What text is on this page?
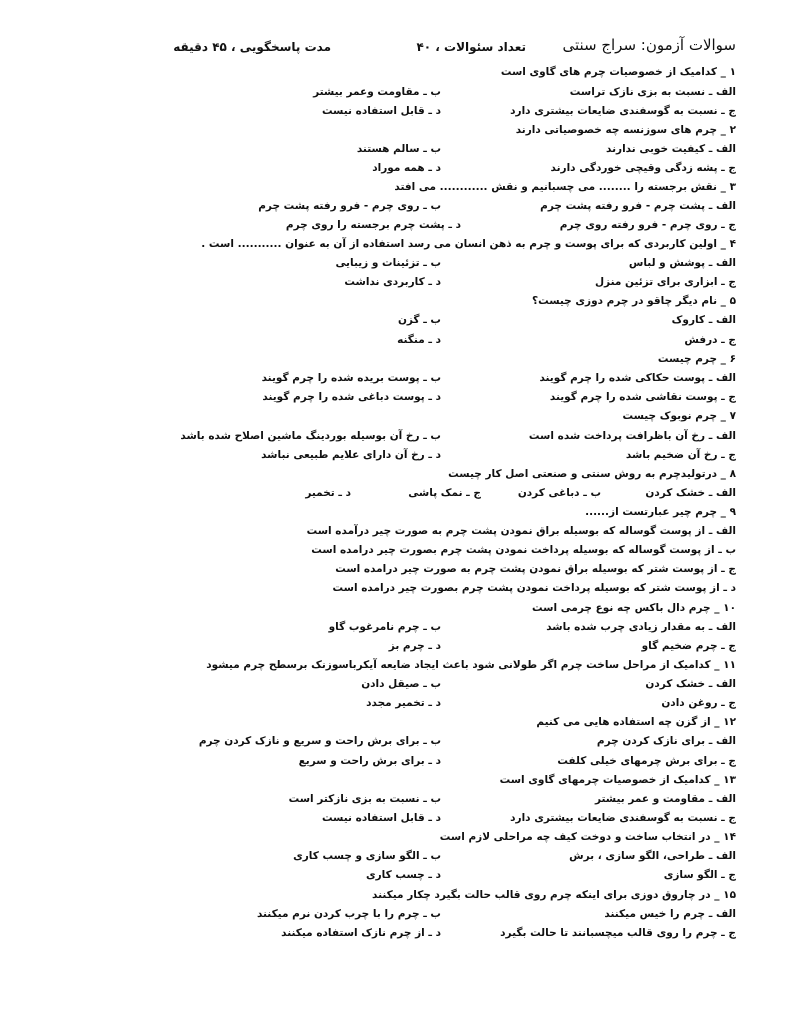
سوالات آزمون: سراج سنتی
تعداد سئوالات ، ۴۰
مدت پاسخگویی ، ۴۵ دقیقه
۱ _ کدامیک از خصوصیات چرم های گاوی است
الف ـ نسبت به بزی نازک تراست
ب ـ مقاومت وعمر بیشتر
ج ـ نسبت به گوسفندی ضایعات بیشتری دارد
د ـ قابل استفاده نیست
۲ _ چرم های سوزنسه چه خصوصیاتی دارند
الف ـ کیفیت خوبی ندارند
ب ـ سالم هستند
ج ـ پشه زدگی وقیچی خوردگی دارند
د ـ همه موراد
۳ _ نقش برجسته را ........ می چسبانیم و نقش ............ می افتد
الف ـ پشت چرم - فرو رفته پشت چرم
ب ـ روی چرم - فرو رفته پشت چرم
ج ـ روی چرم - فرو رفته روی چرم
د ـ پشت چرم برجسته را روی چرم
۴ _ اولین کاربردی که برای پوست و چرم به ذهن انسان می رسد استفاده از آن به عنوان ........... است .
الف ـ پوشش و لباس
ب ـ تزئینات و زیبایی
ج ـ ابزاری برای تزئین منزل
د ـ کاربردی نداشت
۵ _ نام دیگر چاقو در چرم دوزی چیست؟
الف ـ کاروک
ب ـ گزن
ج ـ درفش
د ـ منگنه
۶ _ چرم چیست
الف ـ پوست حکاکی شده را چرم گویند
ب ـ پوست بریده شده را چرم گویند
ج ـ پوست نقاشی شده را چرم گویند
د ـ پوست دباغی شده را چرم گویند
۷ _ چرم نوبوک چیست
الف ـ رخ آن باظرافت پرداخت شده است
ب ـ رخ آن بوسیله بوردینگ ماشین اصلاح شده باشد
ج ـ رخ آن ضخیم باشد
د ـ رخ آن دارای علایم طبیعی نباشد
۸ _ درتولیدچرم به روش سنتی و صنعتی اصل کار چیست
الف ـ خشک کردن
ب ـ دباغی کردن
ج ـ نمک پاشی
د ـ تخمیر
۹ _ چرم چیر عبارتست از......
الف ـ از پوست گوساله که بوسیله براق نمودن پشت چرم به صورت چیر درآمده است
ب ـ از پوست گوساله که بوسیله پرداخت نمودن پشت چرم بصورت چیر درامده است
ج ـ از پوست شتر که بوسیله براق نمودن پشت چرم به صورت چیر درامده است
د ـ از پوست شتر که بوسیله پرداخت نمودن پشت چرم بصورت چیر درامده است
۱۰ _ چرم دال باکس چه نوع چرمی است
الف ـ به مقدار زیادی چرب شده باشد
ب ـ چرم نامرغوب گاو
ج ـ چرم ضخیم گاو
د ـ چرم بز
۱۱ _ کدامیک از مراحل ساخت چرم اگر طولانی شود باعث ایجاد ضایعه آیکرباسوزنک برسطح چرم میشود
الف ـ خشک کردن
ب ـ صیقل دادن
ج ـ روغن دادن
د ـ تخمیر مجدد
۱۲ _ از گزن چه استفاده هایی می کنیم
الف ـ برای نازک کردن چرم
ب ـ برای برش راحت و سریع و نازک کردن چرم
ج ـ برای برش چرمهای خیلی کلفت
د ـ برای برش راحت و سریع
۱۳ _ کدامیک از خصوصیات چرمهای گاوی است
الف ـ مقاومت و عمر بیشتر
ب ـ نسبت به بزی نازکتر است
ج ـ نسبت به گوسفندی ضایعات بیشتری دارد
د ـ قابل استفاده نیست
۱۴ _ در انتخاب ساخت و دوخت کیف چه مراحلی لازم است
الف ـ طراحی، الگو سازی ، برش
ب ـ الگو سازی و چسب کاری
ج ـ الگو سازی
د ـ چسب کاری
۱۵ _ در چاروق دوزی برای اینکه چرم روی قالب حالت بگیرد چکار میکنند
الف ـ چرم را خیس میکنند
ب ـ چرم را با چرب کردن نرم میکنند
ج ـ چرم را روی قالب میچسبانند تا حالت بگیرد
د ـ از چرم نازک استفاده میکنند
